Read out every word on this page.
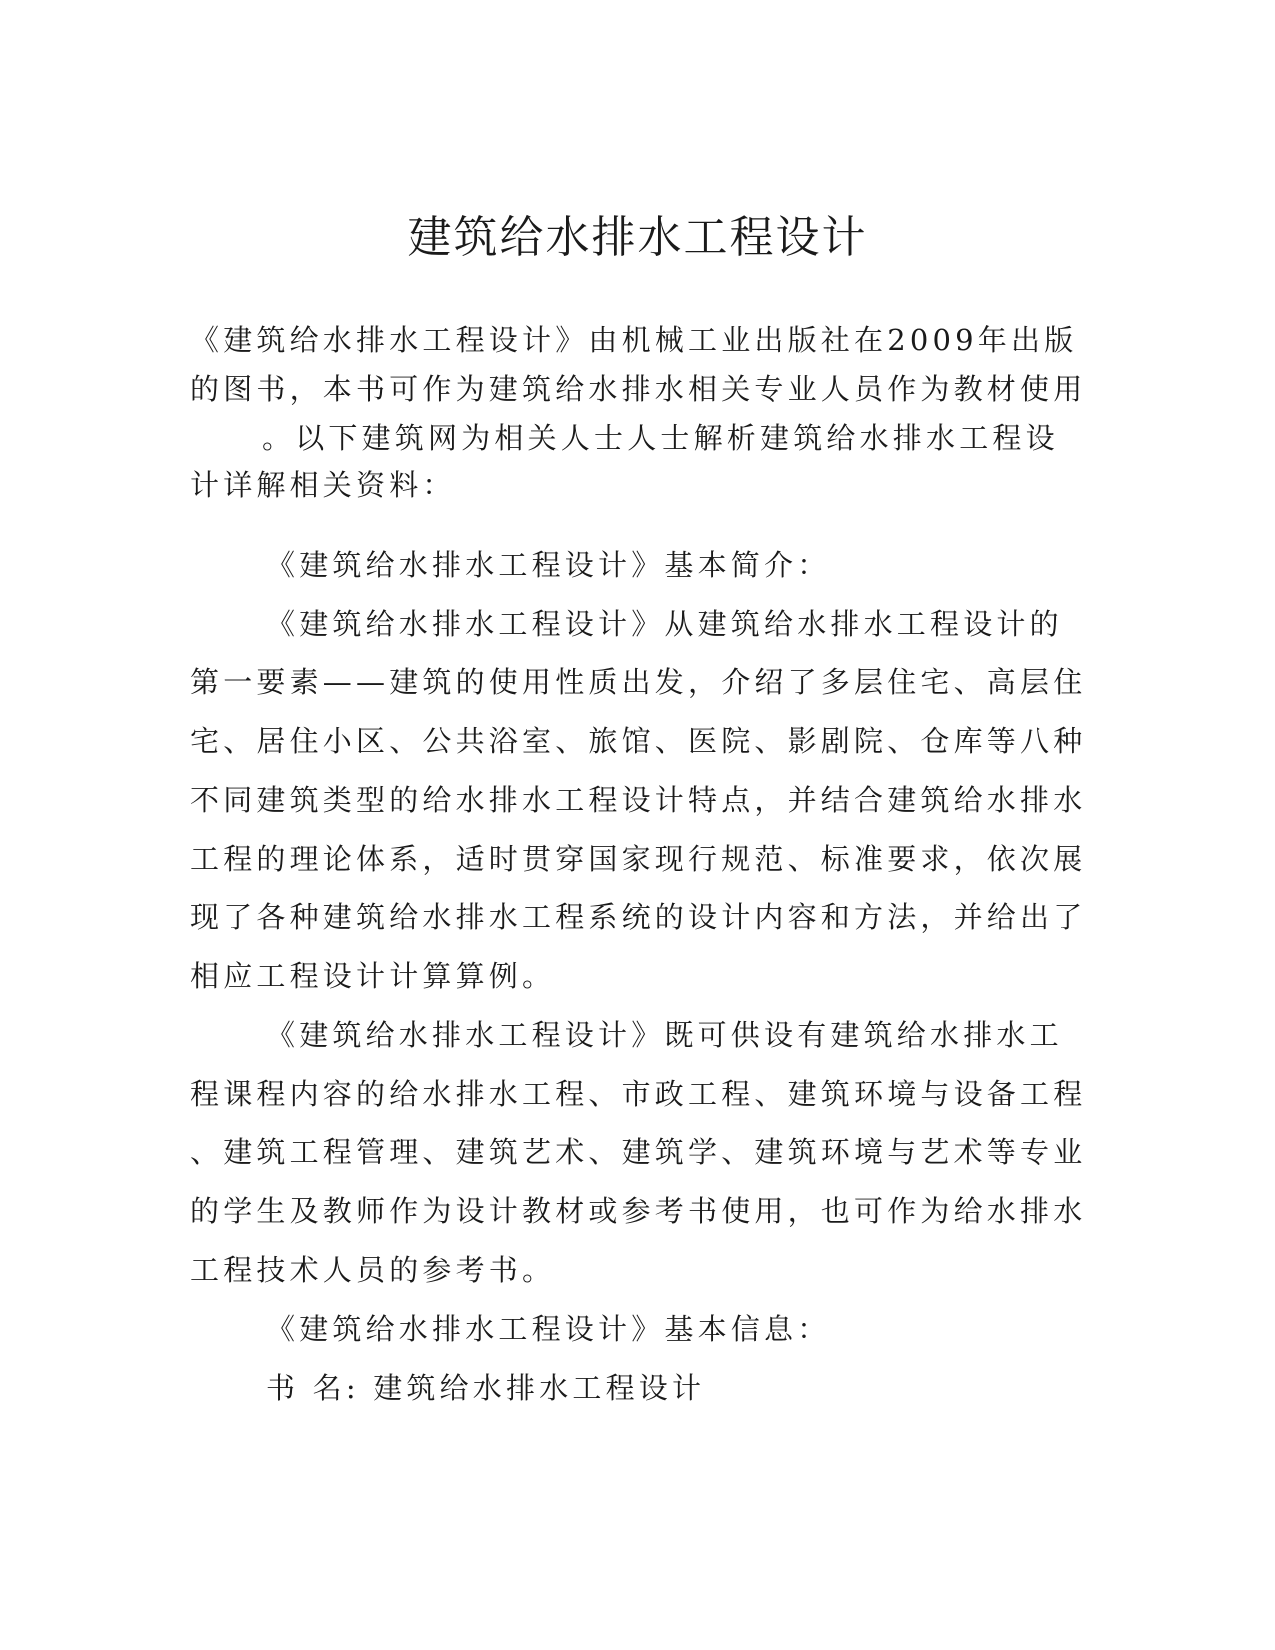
建筑给水排水工程设计

《建筑给水排水工程设计》由机械工业出版社在2009年出版

的图书，本书可作为建筑给水排水相关专业人员作为教材使用

。以下建筑网为相关人士人士解析建筑给水排水工程设

计详解相关资料：

《建筑给水排水工程设计》基本简介：

《建筑给水排水工程设计》从建筑给水排水工程设计的

第一要素——建筑的使用性质出发，介绍了多层住宅、高层住

宅、居住小区、公共浴室、旅馆、医院、影剧院、仓库等八种

不同建筑类型的给水排水工程设计特点，并结合建筑给水排水

工程的理论体系，适时贯穿国家现行规范、标准要求，依次展

现了各种建筑给水排水工程系统的设计内容和方法，并给出了

相应工程设计计算算例。

《建筑给水排水工程设计》既可供设有建筑给水排水工

程课程内容的给水排水工程、市政工程、建筑环境与设备工程

、建筑工程管理、建筑艺术、建筑学、建筑环境与艺术等专业

的学生及教师作为设计教材或参考书使用，也可作为给水排水

工程技术人员的参考书。

《建筑给水排水工程设计》基本信息：

书 名: 建筑给水排水工程设计
